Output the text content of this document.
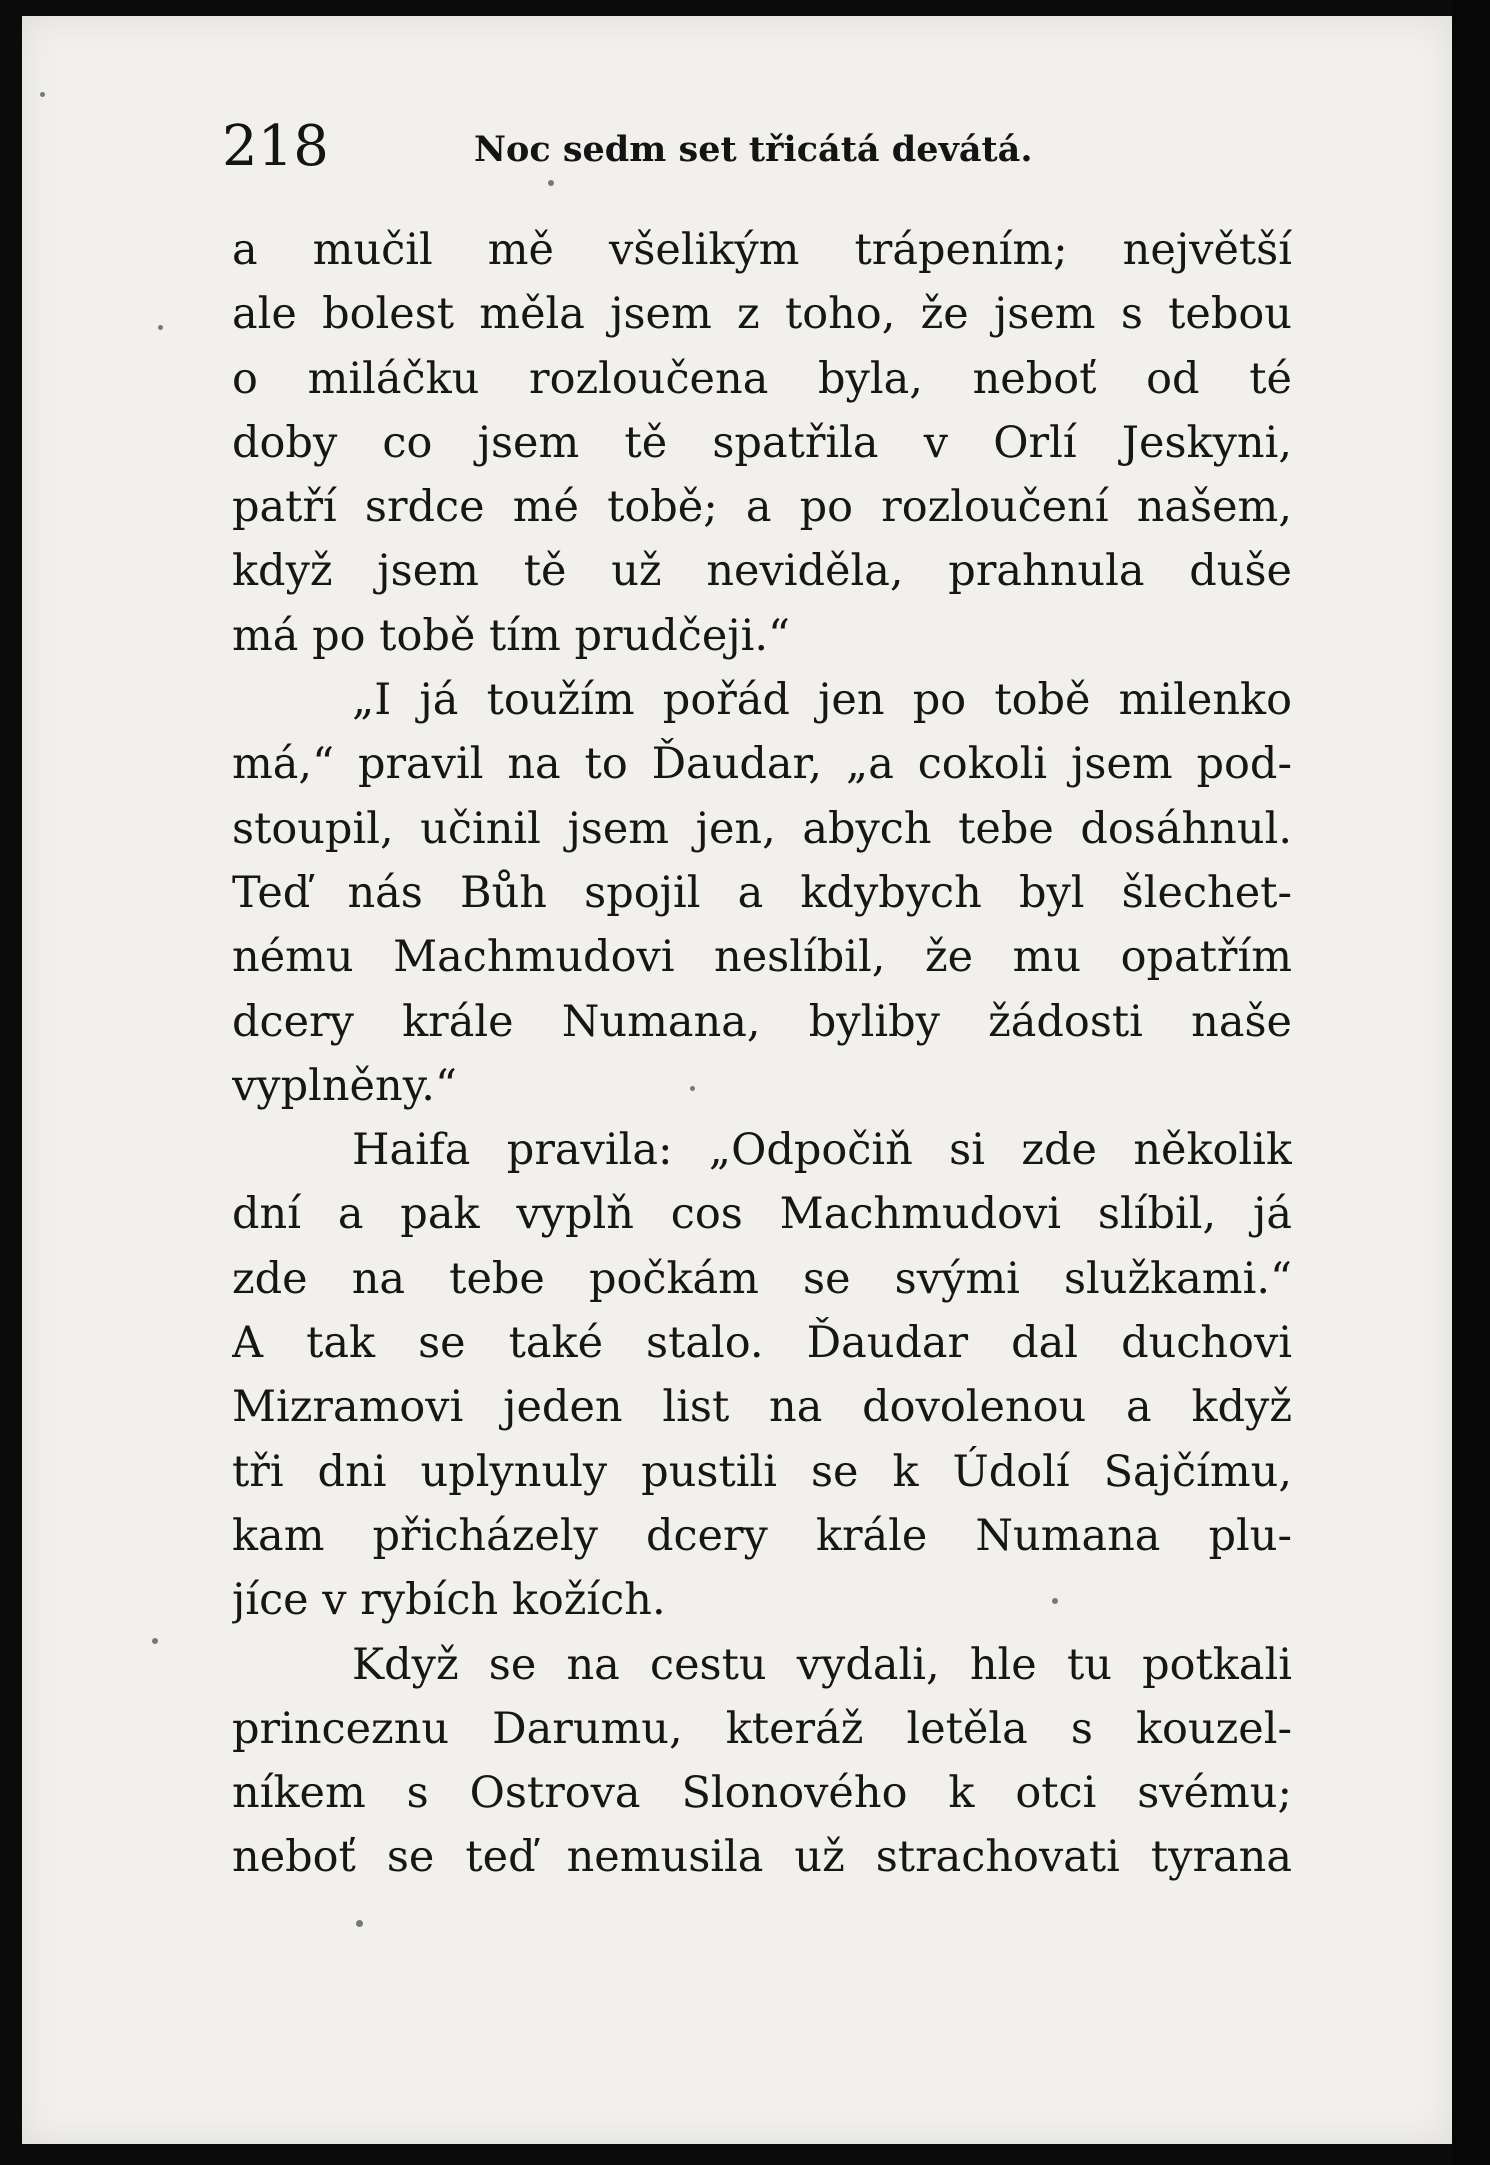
218	Noc sedm set třicátá devátá.
a mučil mě všelikým trápením; největší
ale bolest měla jsem z toho, že jsem s tebou
o miláčku rozloučena byla, neboť od té
doby co jsem tě spatřila v Orlí Jeskyni,
patří srdce mé tobě; a po rozloučení našem,
když jsem tě už neviděla, prahnula duše
má po tobě tím prudčeji.“
„I já toužím pořád jen po tobě milenko
má,“ pravil na to Ďaudar, „a cokoli jsem pod-
stoupil, učinil jsem jen, abych tebe dosáhnul.
Teď nás Bůh spojil a kdybych byl šlechet-
nému Machmudovi neslíbil, že mu opatřím
dcery krále Numana, byliby žádosti naše
vyplněny.“
Haifa pravila: „Odpočiň si zde několik
dní a pak vyplň cos Machmudovi slíbil, já
zde na tebe počkám se svými služkami.“
A tak se také stalo. Ďaudar dal duchovi
Mizramovi jeden list na dovolenou a když
tři dni uplynuly pustili se k Údolí Sajčímu,
kam přicházely dcery krále Numana plu-
jíce v rybích kožích.
Když se na cestu vydali, hle tu potkali
princeznu Darumu, kteráž letěla s kouzel-
níkem s Ostrova Slonového k otci svému;
neboť se teď nemusila už strachovati tyrana
